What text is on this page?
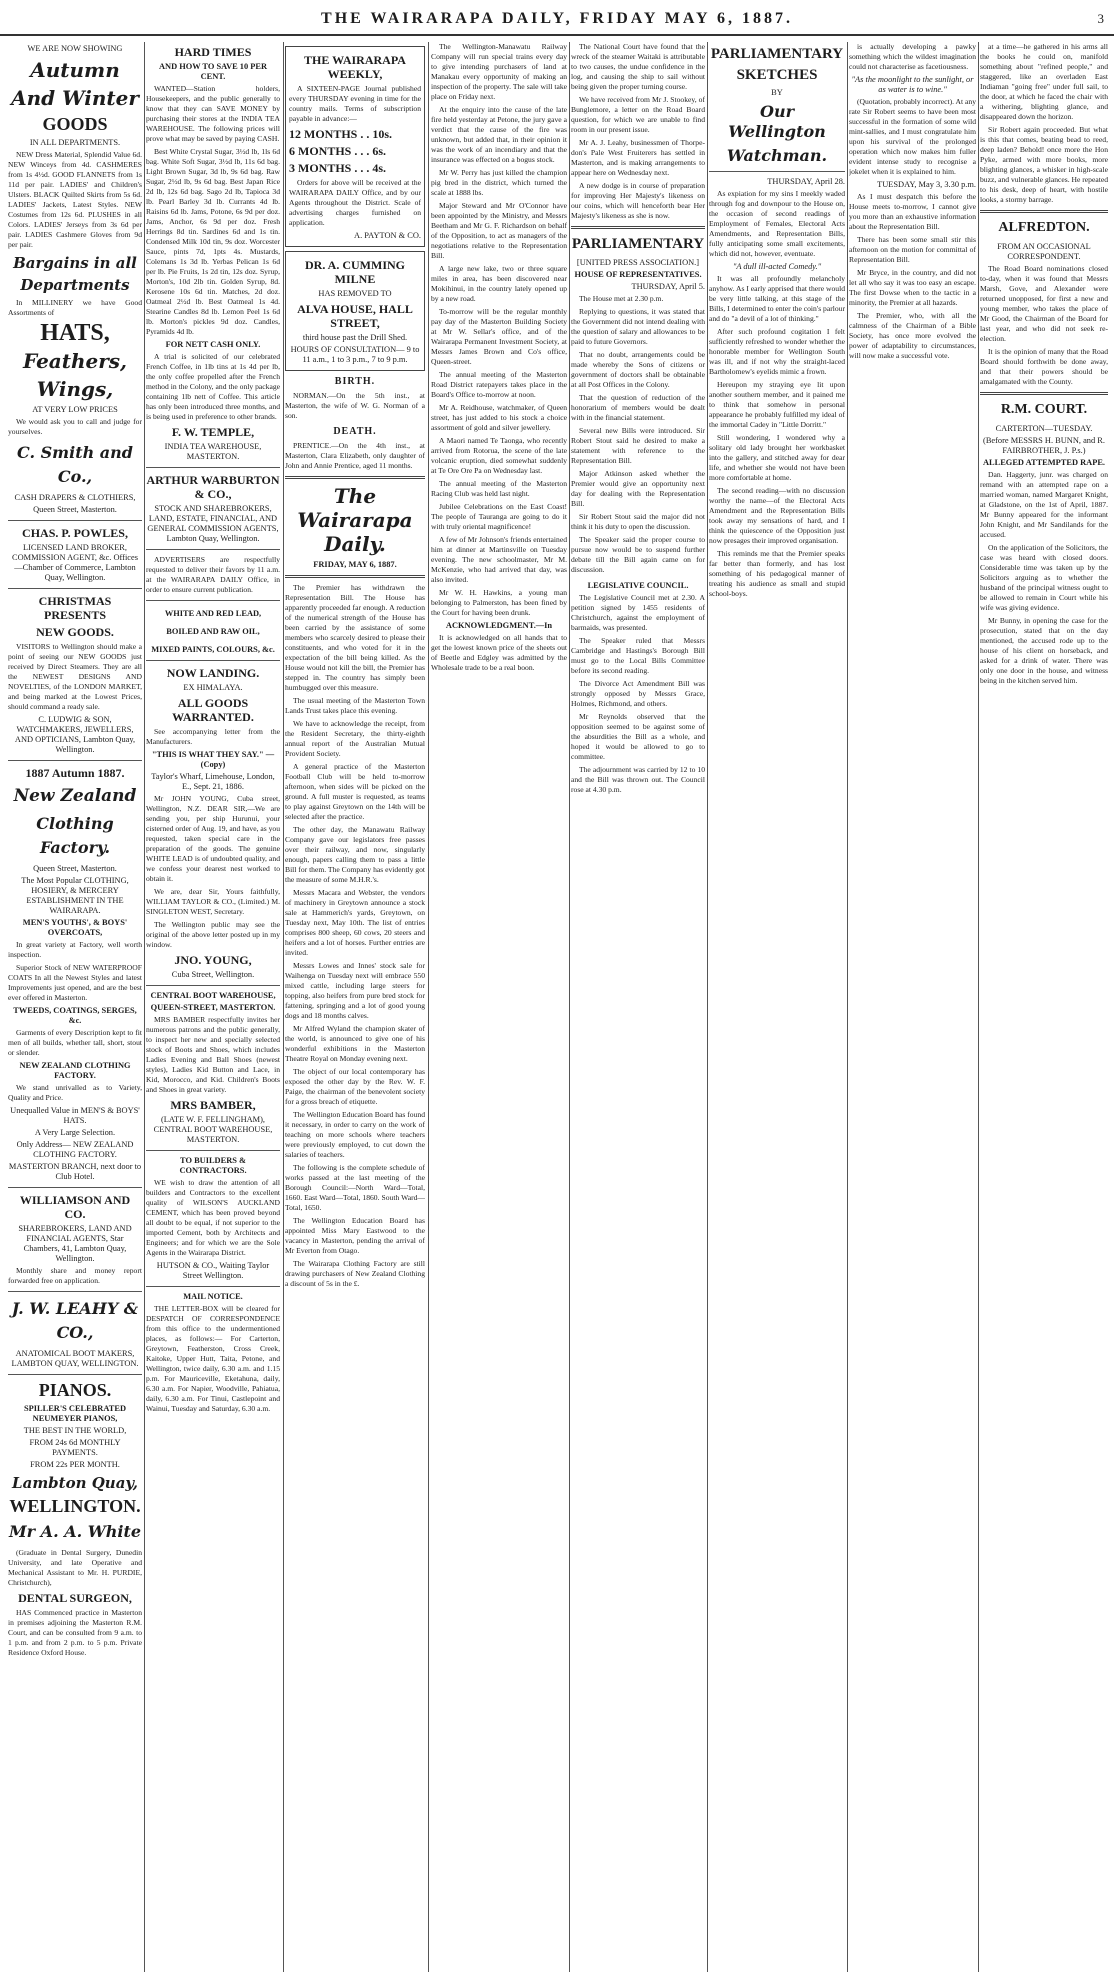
THE WAIRARAPA DAILY, FRIDAY MAY 6, 1887.	3
WE ARE NOW SHOWING
Autumn
And Winter
GOODS
IN ALL DEPARTMENTS.

NEW Dress Material, Splendid Value 6d. NEW Winceys from 4d. CASHMERES from 1s 4½d. GOOD FLANNETS from 1s 11d per pair. LADIES' and Children's Ulsters. BLACK Quilted Skirts from 5s 6d. LADIES' Jackets, Latest Styles. NEW Costumes from 12s 6d. PLUSHES in all Colors. LADIES' Jerseys from 3s 6d per pair. LADIES Cashmere Gloves from 9d per pair.

Bargains in all
Departments

In MILLINERY we have Good Assortments of

HATS,
Feathers,
Wings,
AT VERY LOW PRICES

We would ask you to call and judge for yourselves.

C. Smith and Co.,
CASH DRAPERS & CLOTHIERS,
Queen Street, Masterton.
CHAS. P. POWLES,
LICENSED LAND BROKER, COMMISSION AGENT, &c. Offices—Chamber of Commerce, Lambton Quay, Wellington.
CHRISTMAS PRESENTS
NEW GOODS.

VISITORS to Wellington should make a point of seeing our NEW GOODS just received by Direct Steamers. They are all the NEWEST DESIGNS AND NOVELTIES, of the LONDON MARKET, and being marked at the Lowest Prices, should command a ready sale.

C. LUDWIG & SON, WATCHMAKERS, JEWELLERS, AND OPTICIANS, Lambton Quay, Wellington.
1887 Autumn 1887.
New Zealand
Clothing Factory.
Queen Street, Masterton.
The Most Popular CLOTHING, HOSIERY, & MERCERY ESTABLISHMENT IN THE WAIRARAPA.
MEN'S YOUTHS', & BOYS' OVERCOATS,

In great variety at Factory, well worth inspection.

Superior Stock of NEW WATERPROOF COATS In all the Newest Styles and latest Improvements just opened, and are the best ever offered in Masterton.

TWEEDS, COATINGS, SERGES, &c.

Garments of every Description kept to fit men of all builds, whether tall, short, stout or slender.

NEW ZEALAND CLOTHING FACTORY.

We stand unrivalled as to Variety, Quality and Price.

Unequalled Value in MEN'S & BOYS' HATS.
A Very Large Selection.
Only Address— NEW ZEALAND CLOTHING FACTORY.
MASTERTON BRANCH, next door to Club Hotel.
WILLIAMSON AND CO.
SHAREBROKERS, LAND AND FINANCIAL AGENTS, Star Chambers, 41, Lambton Quay, Wellington.

Monthly share and money report forwarded free on application.

J. W. LEAHY & CO.,
ANATOMICAL BOOT MAKERS, LAMBTON QUAY, WELLINGTON.
PIANOS.
SPILLER'S CELEBRATED NEUMEYER PIANOS,
THE BEST IN THE WORLD,
FROM 24s 6d MONTHLY PAYMENTS.
FROM 22s PER MONTH.
Lambton Quay,
WELLINGTON.
Mr A. A. White

(Graduate in Dental Surgery, Dunedin University, and late Operative and Mechanical Assistant to Mr. H. PURDIE, Christchurch),

DENTAL SURGEON,

HAS Commenced practice in Masterton in premises adjoining the Masterton R.M. Court, and can be consulted from 9 a.m. to 1 p.m. and from 2 p.m. to 5 p.m. Private Residence Oxford House.

HARD TIMES
AND HOW TO SAVE 10 PER CENT.

WANTED—Station holders, Housekeepers, and the public generally to know that they can SAVE MONEY by purchasing their stores at the INDIA TEA WAREHOUSE. The following prices will prove what may be saved by paying CASH.

Best White Crystal Sugar, 3½d lb, 1ls 6d bag. White Soft Sugar, 3½d lb, 11s 6d bag. Light Brown Sugar, 3d lb, 9s 6d bag. Raw Sugar, 2½d lb, 9s 6d bag. Best Japan Rice 2d lb, 12s 6d bag. Sago 2d lb, Tapioca 3d lb. Pearl Barley 3d lb. Currants 4d lb. Raisins 6d lb. Jams, Potone, 6s 9d per doz. Jams, Anchor, 6s 9d per doz. Fresh Herrings 8d tin. Sardines 6d and 1s tin. Condensed Milk 10d tin, 9s doz. Worcester Sauce, pints 7d, 1pts 4s. Mustards, Colemans 1s 3d lb. Yerbas Pelican 1s 6d per lb. Pie Fruits, 1s 2d tin, 12s doz. Syrup, Morton's, 10d 2lb tin. Golden Syrup, 8d. Kerosene 10s 6d tin. Matches, 2d doz. Oatmeal 2½d lb. Best Oatmeal 1s 4d. Stearine Candles 8d lb. Lemon Peel 1s 6d lb. Morton's pickles 9d doz. Candles, Pyramids 4d lb.

FOR NETT CASH ONLY.

A trial is solicited of our celebrated French Coffee, in 1lb tins at 1s 4d per lb, the only coffee propelled after the French method in the Colony, and the only package containing 1lb nett of Coffee. This article has only been introduced three months, and is being used in preference to other brands.

F. W. TEMPLE,
INDIA TEA WAREHOUSE, MASTERTON.
ARTHUR WARBURTON & CO.,
STOCK AND SHAREBROKERS, LAND, ESTATE, FINANCIAL, AND GENERAL COMMISSION AGENTS, Lambton Quay, Wellington.

ADVERTISERS are respectfully requested to deliver their favors by 11 a.m. at the WAIRARAPA DAILY Office, in order to ensure current publication.

WHITE AND RED LEAD,
BOILED AND RAW OIL,
MIXED PAINTS, COLOURS, &c.
NOW LANDING.
EX HIMALAYA.
ALL GOODS WARRANTED.

See accompanying letter from the Manufacturers.

"THIS IS WHAT THEY SAY." —(Copy)
Taylor's Wharf, Limehouse, London, E., Sept. 21, 1886.

Mr JOHN YOUNG, Cuba street, Wellington, N.Z. DEAR SIR,—We are sending you, per ship Hurunui, your cisterned order of Aug. 19, and have, as you requested, taken special care in the preparation of the goods. The genuine WHITE LEAD is of undoubted quality, and we confess your dearest nest worked to obtain it.

We are, dear Sir, Yours faithfully, WILLIAM TAYLOR & CO., (Limited.) M. SINGLETON WEST, Secretary.

The Wellington public may see the original of the above letter posted up in my window.

JNO. YOUNG,
Cuba Street, Wellington.
CENTRAL BOOT WAREHOUSE,
QUEEN-STREET, MASTERTON.

MRS BAMBER respectfully invites her numerous patrons and the public generally, to inspect her new and specially selected stock of Boots and Shoes, which includes Ladies Evening and Ball Shoes (newest styles), Ladies Kid Button and Lace, in Kid, Morocco, and Kid. Children's Boots and Shoes in great variety.

MRS BAMBER,
(LATE W. F. FELLINGHAM), CENTRAL BOOT WAREHOUSE, MASTERTON.
TO BUILDERS & CONTRACTORS.

WE wish to draw the attention of all builders and Contractors to the excellent quality of WILSON'S AUCKLAND CEMENT, which has been proved beyond all doubt to be equal, if not superior to the imported Cement, both by Architects and Engineers; and for which we are the Sole Agents in the Wairarapa District.

HUTSON & CO., Waiting Taylor Street Wellington.
MAIL NOTICE.

THE LETTER-BOX will be cleared for DESPATCH OF CORRESPONDENCE from this office to the undermentioned places, as follows:— For Carterton, Greytown, Featherston, Cross Creek, Kaitoke, Upper Hutt, Taita, Petone, and Wellington, twice daily, 6.30 a.m. and 1.15 p.m. For Mauriceville, Eketahuna, daily, 6.30 a.m. For Napier, Woodville, Pahiatua, daily, 6.30 a.m. For Tinui, Castlepoint and Wainui, Tuesday and Saturday, 6.30 a.m.

THE WAIRARAPA WEEKLY,

A SIXTEEN-PAGE Journal published every THURSDAY evening in time for the country mails. Terms of subscription payable in advance:—

12 MONTHS . . 10s.
6 MONTHS . . . 6s.
3 MONTHS . . . 4s.

Orders for above will be received at the WAIRARAPA DAILY Office, and by our Agents throughout the District. Scale of advertising charges furnished on application.

A. PAYTON & CO.
DR. A. CUMMING MILNE
HAS REMOVED TO
ALVA HOUSE, HALL STREET,
third house past the Drill Shed.
HOURS OF CONSULTATION— 9 to 11 a.m., 1 to 3 p.m., 7 to 9 p.m.
BIRTH.

NORMAN.—On the 5th inst., at Masterton, the wife of W. G. Norman of a son.

DEATH.

PRENTICE.—On the 4th inst., at Masterton, Clara Elizabeth, only daughter of John and Annie Prentice, aged 11 months.

The Wairarapa Daily.
FRIDAY, MAY 6, 1887.

The Premier has withdrawn the Representation Bill. The House has apparently proceeded far enough. A reduction of the numerical strength of the House has been carried by the assistance of some members who scarcely desired to please their constituents, and who voted for it in the expectation of the bill being killed. As the House would not kill the bill, the Premier has stepped in. The country has simply been humbugged over this measure.

The usual meeting of the Masterton Town Lands Trust takes place this evening.

We have to acknowledge the receipt, from the Resident Secretary, the thirty-eighth annual report of the Australian Mutual Provident Society.

A general practice of the Masterton Football Club will be held to-morrow afternoon, when sides will be picked on the ground. A full muster is requested, as teams to play against Greytown on the 14th will be selected after the practice.

The other day, the Manawatu Railway Company gave our legislators free passes over their railway, and now, singularly enough, papers calling them to pass a little Bill for them. The Company has evidently got the measure of some M.H.R.'s.

Messrs Macara and Webster, the vendors of machinery in Greytown announce a stock sale at Hammerich's yards, Greytown, on Tuesday next, May 10th. The list of entries comprises 800 sheep, 60 cows, 20 steers and heifers and a lot of horses. Further entries are invited.

Messrs Lowes and Innes' stock sale for Waihenga on Tuesday next will embrace 550 mixed cattle, including large steers for topping, also heifers from pure bred stock for fattening, springing and a lot of good young dogs and 18 months calves.

Mr Alfred Wyland the champion skater of the world, is announced to give one of his wonderful exhibitions in the Masterton Theatre Royal on Monday evening next.

The object of our local contemporary has exposed the other day by the Rev. W. F. Paige, the chairman of the benevolent society for a gross breach of etiquette.

The Wellington Education Board has found it necessary, in order to carry on the work of teaching on more schools where teachers were previously employed, to cut down the salaries of teachers.

The following is the complete schedule of works passed at the last meeting of the Borough Council:—North Ward—Total, 1660. East Ward—Total, 1860. South Ward—Total, 1650.

The Wellington Education Board has appointed Miss Mary Eastwood to the vacancy in Masterton, pending the arrival of Mr Everton from Otago.

The Wairarapa Clothing Factory are still drawing purchasers of New Zealand Clothing a discount of 5s in the £.

The Wellington-Manawatu Railway Company will run special trains every day to give intending purchasers of land at Manakau every opportunity of making an inspection of the property. The sale will take place on Friday next.

At the enquiry into the cause of the late fire held yesterday at Petone, the jury gave a verdict that the cause of the fire was unknown, but added that, in their opinion it was the work of an incendiary and that the insurance was effected on a bogus stock.

Mr W. Perry has just killed the champion pig bred in the district, which turned the scale at 1888 lbs.

Major Steward and Mr O'Connor have been appointed by the Ministry, and Messrs Beetham and Mr G. F. Richardson on behalf of the Opposition, to act as managers of the negotiations relative to the Representation Bill.

A large new lake, two or three square miles in area, has been discovered near Mokihinui, in the country lately opened up by a new road.

To-morrow will be the regular monthly pay day of the Masterton Building Society at Mr W. Sellar's office, and of the Wairarapa Permanent Investment Society, at Messrs James Brown and Co's office, Queen-street.

The annual meeting of the Masterton Road District ratepayers takes place in the Board's Office to-morrow at noon.

Mr A. Reidhouse, watchmaker, of Queen street, has just added to his stock a choice assortment of gold and silver jewellery.

A Maori named Te Taonga, who recently arrived from Rotorua, the scene of the late volcanic eruption, died somewhat suddenly at Te Ore Ore Pa on Wednesday last.

The annual meeting of the Masterton Racing Club was held last night.

Jubilee Celebrations on the East Coast! The people of Tauranga are going to do it with truly oriental magnificence!

A few of Mr Johnson's friends entertained him at dinner at Martinsville on Tuesday evening. The new schoolmaster, Mr M. McKenzie, who had arrived that day, was also invited.

Mr W. H. Hawkins, a young man belonging to Palmerston, has been fined by the Court for having been drunk.

ACKNOWLEDGMENT.—In

It is acknowledged on all hands that to get the lowest known price of the sheets out of Beetle and Edgley was admitted by the Wholesale trade to be a real boon.

The National Court have found that the wreck of the steamer Waitaki is attributable to two causes, the undue confidence in the log, and causing the ship to sail without being given the proper turning course.

We have received from Mr J. Stookey, of Bunglemore, a letter on the Road Board question, for which we are unable to find room in our present issue.

Mr A. J. Leahy, businessmen of Thorpe-don's Pale West Fruiterers has settled in Masterton, and is making arrangements to appear here on Wednesday next.

A new dodge is in course of preparation for improving Her Majesty's likeness on our coins, which will henceforth bear Her Majesty's likeness as she is now.

PARLIAMENTARY
[UNITED PRESS ASSOCIATION.]
HOUSE OF REPRESENTATIVES.
THURSDAY, April 5.

The House met at 2.30 p.m.

Replying to questions, it was stated that the Government did not intend dealing with the question of salary and allowances to be paid to future Governors.

That no doubt, arrangements could be made whereby the Sons of citizens or government of doctors shall be obtainable at all Post Offices in the Colony.

That the question of reduction of the honorarium of members would be dealt with in the financial statement.

Several new Bills were introduced. Sir Robert Stout said he desired to make a statement with reference to the Representation Bill.

Major Atkinson asked whether the Premier would give an opportunity next day for dealing with the Representation Bill.

Sir Robert Stout said the major did not think it his duty to open the discussion.

The Speaker said the proper course to pursue now would be to suspend further debate till the Bill again came on for discussion.

LEGISLATIVE COUNCIL.

The Legislative Council met at 2.30. A petition signed by 1455 residents of Christchurch, against the employment of barmaids, was presented.

The Speaker ruled that Messrs Cambridge and Hastings's Borough Bill must go to the Local Bills Committee before its second reading.

The Divorce Act Amendment Bill was strongly opposed by Messrs Grace, Holmes, Richmond, and others.

Mr Reynolds observed that the opposition seemed to be against some of the absurdities the Bill as a whole, and hoped it would be allowed to go to committee.

The adjournment was carried by 12 to 10 and the Bill was thrown out. The Council rose at 4.30 p.m.

PARLIAMENTARY
SKETCHES
BY
Our Wellington
Watchman.
THURSDAY, April 28.

As expiation for my sins I meekly waded through fog and downpour to the House on, the occasion of second readings of Employment of Females, Electoral Acts Amendments, and Representation Bills, fully anticipating some small excitements, which did not, however, eventuate.

"A dull ill-acted Comedy."

It was all profoundly melancholy anyhow. As I early apprised that there would be very little talking, at this stage of the Bills, I determined to enter the coin's parlour and do "a devil of a lot of thinking."

After such profound cogitation I felt sufficiently refreshed to wonder whether the honorable member for Wellington South was ill, and if not why the straight-laced Bartholomew's eyelids mimic a frown.

Hereupon my straying eye lit upon another southern member, and it pained me to think that somehow in personal appearance he probably fulfilled my ideal of the immortal Cadey in "Little Dorritt."

Still wondering, I wondered why a solitary old lady brought her workbasket into the gallery, and stitched away for dear life, and whether she would not have been more comfortable at home.

The second reading—with no discussion worthy the name—of the Electoral Acts Amendment and the Representation Bills took away my sensations of hard, and I think the quiescence of the Opposition just now presages their improved organisation.

This reminds me that the Premier speaks far better than formerly, and has lost something of his pedagogical manner of treating his audience as small and stupid school-boys.

is actually developing a pawky something which the wildest imagination could not characterise as facetiousness.

"As the moonlight to the sunlight, or as water is to wine."

(Quotation, probably incorrect). At any rate Sir Robert seems to have been most successful in the formation of some wild mint-sallies, and I must congratulate him upon his survival of the prolonged operation which now makes him fuller evident intense study to recognise a jokelet when it is explained to him.

TUESDAY, May 3, 3.30 p.m.

As I must despatch this before the House meets to-morrow, I cannot give you more than an exhaustive information about the Representation Bill.

There has been some small stir this afternoon on the motion for committal of Representation Bill.

Mr Bryce, in the country, and did not let all who say it was too easy an escape. The first Dowse when to the tactic in a minority, the Premier at all hazards.

The Premier, who, with all the calmness of the Chairman of a Bible Society, has once more evolved the power of adaptability to circumstances, will now make a successful vote.

at a time—he gathered in his arms all the books he could on, manifold something about "refined people," and staggered, like an overladen East Indiaman "going free" under full sail, to the door, at which he faced the chair with a withering, blighting glance, and disappeared down the horizon.

Sir Robert again proceeded. But what is this that comes, beating bead to reed, deep laden? Behold! once more the Hon Pyke, armed with more books, more blighting glances, a whisker in high-scale buzz, and vulnerable glances. He repeated to his desk, deep of heart, with hostile looks, a stormy barrage.

ALFREDTON.
FROM AN OCCASIONAL CORRESPONDENT.

The Road Board nominations closed to-day, when it was found that Messrs Marsh, Gove, and Alexander were returned unopposed, for first a new and young member, who takes the place of Mr Good, the Chairman of the Board for last year, and who did not seek re-election.

It is the opinion of many that the Road Board should forthwith be done away, and that their powers should be amalgamated with the County.

R.M. COURT.
CARTERTON—TUESDAY.
(Before MESSRS H. BUNN, and R. FAIRBROTHER, J. P.s.)
ALLEGED ATTEMPTED RAPE.

Dan. Haggerty, junr. was charged on remand with an attempted rape on a married woman, named Margaret Knight, at Gladstone, on the 1st of April, 1887. Mr Bunny appeared for the informant John Knight, and Mr Sandilands for the accused.

On the application of the Solicitors, the case was heard with closed doors. Considerable time was taken up by the Solicitors arguing as to whether the husband of the principal witness ought to be allowed to remain in Court while his wife was giving evidence.

Mr Bunny, in opening the case for the prosecution, stated that on the day mentioned, the accused rode up to the house of his client on horseback, and asked for a drink of water. There was only one door in the house, and witness being in the kitchen served him.
